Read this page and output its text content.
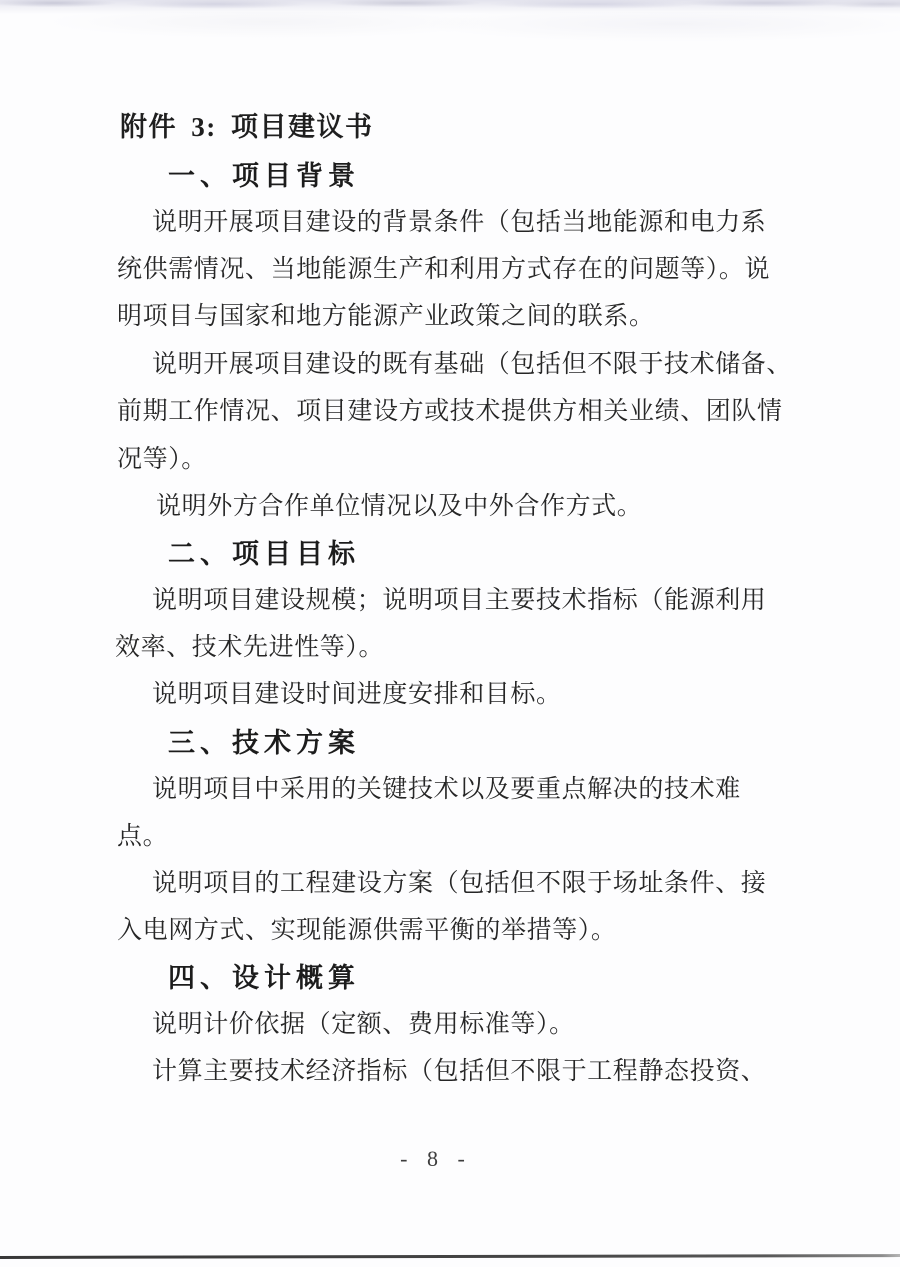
附件 3: 项目建议书
一、项目背景
说明开展项目建设的背景条件（包括当地能源和电力系
统供需情况、当地能源生产和利用方式存在的问题等）。说
明项目与国家和地方能源产业政策之间的联系。
说明开展项目建设的既有基础（包括但不限于技术储备、
前期工作情况、项目建设方或技术提供方相关业绩、团队情
况等）。
说明外方合作单位情况以及中外合作方式。
二、项目目标
说明项目建设规模；说明项目主要技术指标（能源利用
效率、技术先进性等）。
说明项目建设时间进度安排和目标。
三、技术方案
说明项目中采用的关键技术以及要重点解决的技术难
点。
说明项目的工程建设方案（包括但不限于场址条件、接
入电网方式、实现能源供需平衡的举措等）。
四、设计概算
说明计价依据（定额、费用标准等）。
计算主要技术经济指标（包括但不限于工程静态投资、
- 8 -
